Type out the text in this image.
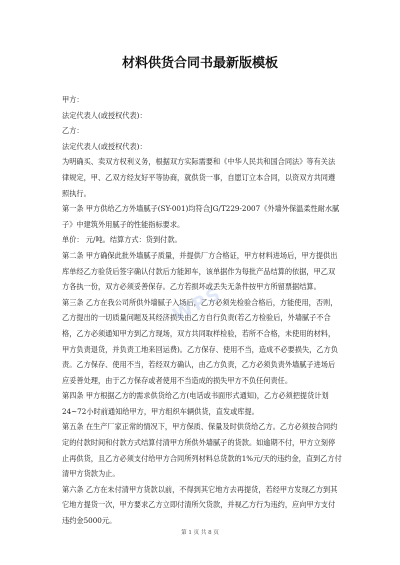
材料供货合同书最新版模板

甲方：

法定代表人(或授权代表)：

乙方：

法定代表人(或授权代表)：

为明确买、卖双方权利义务，根据双方实际需要和《中华人民共和国合同法》等有关法律规定，甲、乙双方经友好平等协商，就供货一事，自愿订立本合同，以资双方共同遵照执行。

第一条 甲方供给乙方外墙腻子(SY-001)均符合JG/T229-2007《外墙外保温柔性耐水腻子》中建筑外用腻子的性能指标要求。

单价： 元/吨。结算方式：货到付款。

第二条 甲方确保此批外墙腻子质量，并提供厂方合格证，甲方材料进场后，甲方提供出库单经乙方验货后签字确认付款后方能卸车，该单据作为每批产品结算的依据，甲乙双方各执一份，双方必须妥善保存。乙方若损坏或丢失无条件按甲方所留票据结算。

第三条 乙方在我公司所供外墙腻子入场后，乙方必须先检验合格后，方能使用，否则，乙方提出的一切质量问题及其经济损失由乙方自行负责(若乙方检验后，外墙腻子不合格，乙方必须通知甲方到乙方现场，双方共同取样检验，若所不合格，未使用的材料，甲方负责退货，并负责工地来回运费)。乙方保存、使用不当，造成不必要损失，乙方负责。乙方保存、使用不当，若经双方确认，由乙方负责，乙方必须负责外墙腻子进场后应妥善处理，由于乙方保存或者使用不当造成的损失甲方不负任何责任。

第四条 甲方根据乙方的需求供货给乙方(电话或书面形式通知)，乙方必须把提货计划24~72小时前通知给甲方，甲方组织车辆供货，直发或库提。

第五条 在生产厂家正常的情况下，甲方保质、保量及时供货给乙方。乙方必须按合同约定的付款时间和付款方式结算付清甲方所供外墙腻子的货款。如逾期不付，甲方立刻停止再供货，且乙方必须支付给甲方合同所列材料总货款的1%元/天的违约金，直到乙方付清甲方货款为止。

第六条 乙方在未付清甲方货款以前，不得到其它地方去再提货，若经甲方发现乙方到其它地方提货一次，甲方要求乙方立即付清所欠货款，并视乙方行为违约，应向甲方支付违约金5000元。

WPS
第 1 页 共 8 页
